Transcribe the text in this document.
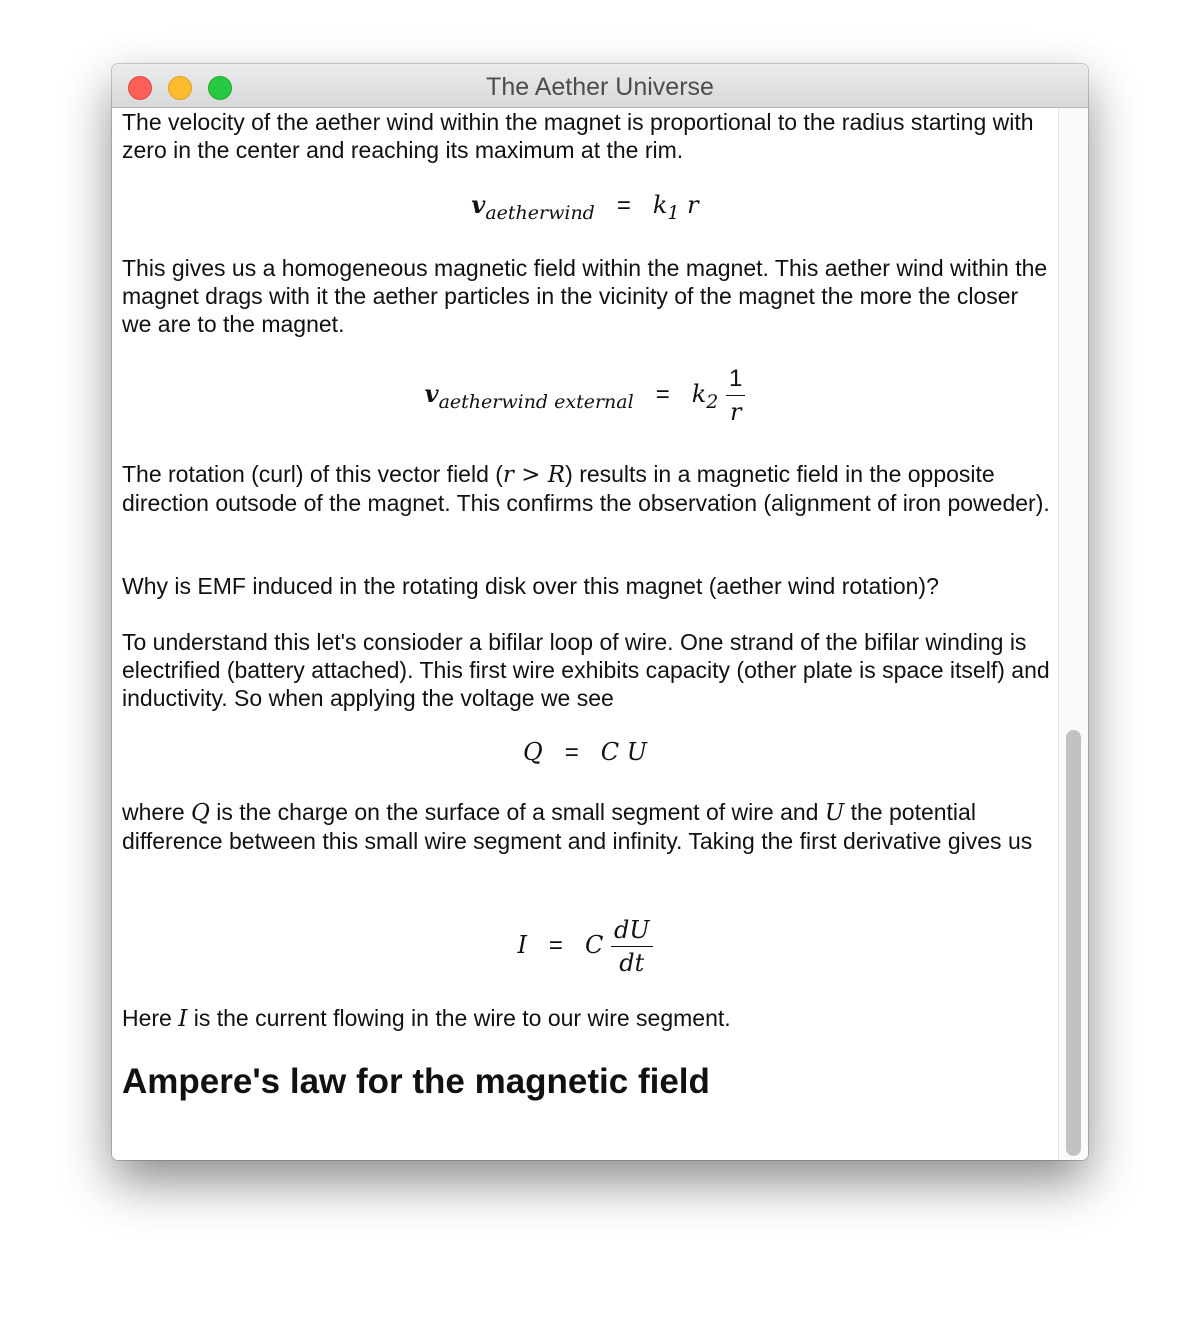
The Aether Universe
The velocity of the aether wind within the magnet is proportional to the radius starting with zero in the center and reaching its maximum at the rim.
$v_{aetherwind} = k_1$ r
This gives us a homogeneous magnetic field within the magnet. This aether wind within the magnet drags with it the aether particles in the vicinity of the magnet the more the closer we are to the magnet.
$v_{aetherwind external} = k_2 \frac{1}{r}$
The rotation (curl) of this vector field (r > R) results in a magnetic field in the opposite direction outsode of the magnet. This confirms the observation (alignment of iron poweder).
Why is EMF induced in the rotating disk over this magnet (aether wind rotation)?
To understand this let's consioder a bifilar loop of wire. One strand of the bifilar winding is electrified (battery attached). This first wire exhibits capacity (other plate is space itself) and inductivity. So when applying the voltage we see
Q = C U
where Q is the charge on the surface of a small segment of wire and U the potential difference between this small wire segment and infinity. Taking the first derivative gives us
I = C $\frac{dU}{dt}$
Here I is the current flowing in the wire to our wire segment.
Ampere's law for the magnetic field
